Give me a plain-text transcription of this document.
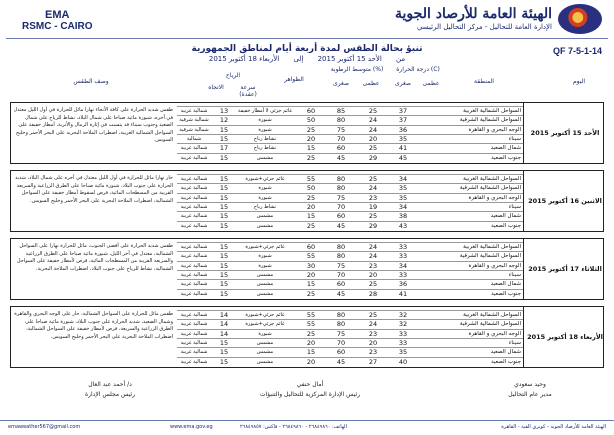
EMA
RSMC - CAIRO
الهيئة العامة للأرصاد الجوية
الإدارة العامة للتحاليل - مركز التحاليل الرئيسي
تنبؤ بحالة الطقس لمدة أربعة أيام لمناطق الجمهورية
من الأحد 15 أكتوبر 2015 إلى الأربعاء 18 أكتوبر 2015
QF 7-5-1-14
اليوم
المنطقة
درجة الحرارة (C)
عظمى
صغرى
متوسط الرطوبة (%)
عظمى
صغرى
الظواهر
الرياح
سرعة (عقدة)
الاتجاه
وصف الطقس
طقس شديد الحرارة على كافة الأنحاء نهارا مائل للحرارة في أول الليل معتدل في آخره، شبورة مائية صباحا على شمال البلاد، نشاط للرياح على شمال الصعيد وجنوب سيناء قد يتسبب في إثارة الرمال والأتربة، أمطار خفيفة على السواحل الشمالية الغربية، اضطراب الملاحة البحرية على البحر الأحمر وخليج السويس.
شمالية غربية	13	غائم جزئي لا أمطار خفيفة	60	85	25	37	السواحل الشمالية الغربية
شمالية شرقية	12	شبورة	50	80	24	37	السواحل الشمالية الشرقية
شمالية شرقية	15	شبورة	25	75	24	36	الوجه البحري و القاهرة
شمالية	15	نشاط رياح	20	70	20	35	سيناء
شمالية غربية	17	نشاط رياح	15	60	25	41	شمال الصعيد
شمالية غربية	15	مشمس	25	45	29	45	جنوب الصعيد
الأحد 15 أكتوبر 2015
حار نهارا مائل للحرارة في أول الليل معتدل في آخره على شمال البلاد، شديد الحرارة على جنوب البلاد، شبورة مائية صباحا على الطرق الزراعية والسريعة القريبة من المسطحات المائية، فرص لسقوط أمطار خفيفة على السواحل الشمالية، اضطراب الملاحة البحرية على البحر الأحمر وخليج السويس.
شمالية غربية	15	غائم جزئي+شبورة	55	80	25	34	السواحل الشمالية الغربية
شمالية غربية	15	شبورة	50	80	24	35	السواحل الشمالية الشرقية
شمالية غربية	15	شبورة	25	75	23	35	الوجه البحري و القاهرة
شمالية غربية	15	نشاط رياح	20	70	19	34	سيناء
شمالية غربية	15	مشمس	15	60	25	38	شمال الصعيد
شمالية غربية	15	مشمس	25	45	29	43	جنوب الصعيد
الاثنين 16 أكتوبر 2015
طقس شديد الحرارة على أقصى الجنوب، مائل للحرارة نهارا على السواحل الشمالية، معتدل في آخر الليل، شبورة مائية صباحا على الطرق الزراعية والسريعة القريبة من المسطحات المائية، فرص لأمطار خفيفة على السواحل الشمالية، نشاط للرياح على جنوب البلاد، اضطراب الملاحة البحرية.
شمالية غربية	15	غائم جزئي+شبورة	60	80	24	33	السواحل الشمالية الغربية
شمالية غربية	15	شبورة	55	80	24	33	السواحل الشمالية الشرقية
شمالية غربية	15	شبورة	30	75	23	34	الوجه البحري و القاهرة
شمالية غربية	15	مشمس	20	70	20	33	سيناء
شمالية غربية	15	مشمس	15	60	25	36	شمال الصعيد
شمالية غربية	15	مشمس	25	45	28	41	جنوب الصعيد
الثلاثاء 17 أكتوبر 2015
طقس مائل للحرارة على السواحل الشمالية، حار على الوجه البحري والقاهرة وشمال الصعيد، شديد الحرارة على جنوب البلاد، شبورة مائية صباحا على الطرق الزراعية والسريعة، فرص لأمطار خفيفة على السواحل الشمالية، اضطراب الملاحة البحرية على البحر الأحمر وخليج السويس.
شمالية غربية	14	غائم جزئي+شبورة	55	80	25	32	السواحل الشمالية الغربية
شمالية غربية	14	غائم جزئي+شبورة	55	80	24	32	السواحل الشمالية الشرقية
شمالية غربية	14	شبورة	25	75	23	33	الوجه البحري و القاهرة
شمالية غربية	15	مشمس	20	70	20	33	سيناء
شمالية غربية	15	مشمس	15	60	23	35	شمال الصعيد
شمالية غربية	15	مشمس	20	45	27	40	جنوب الصعيد
الأربعاء 18 أكتوبر 2015
د/ أحمد عبد العال
رئيس مجلس الإدارة
أمال حنفي
رئيس الإدارة المركزية للتحاليل والتنبؤات
وحيد سعودي
مدير عام التحاليل
emaweather567@gmail.com	www.ema.gov.eg	الهاتف: ٢٦٨٤٩٨٦٠ - ٢٦٨٤٩٨٦٠ - فاكس: ٢٦٨٤٩٨٥٧	الهيئة العامة للأرصاد الجوية - كوبري القبة - القاهرة
